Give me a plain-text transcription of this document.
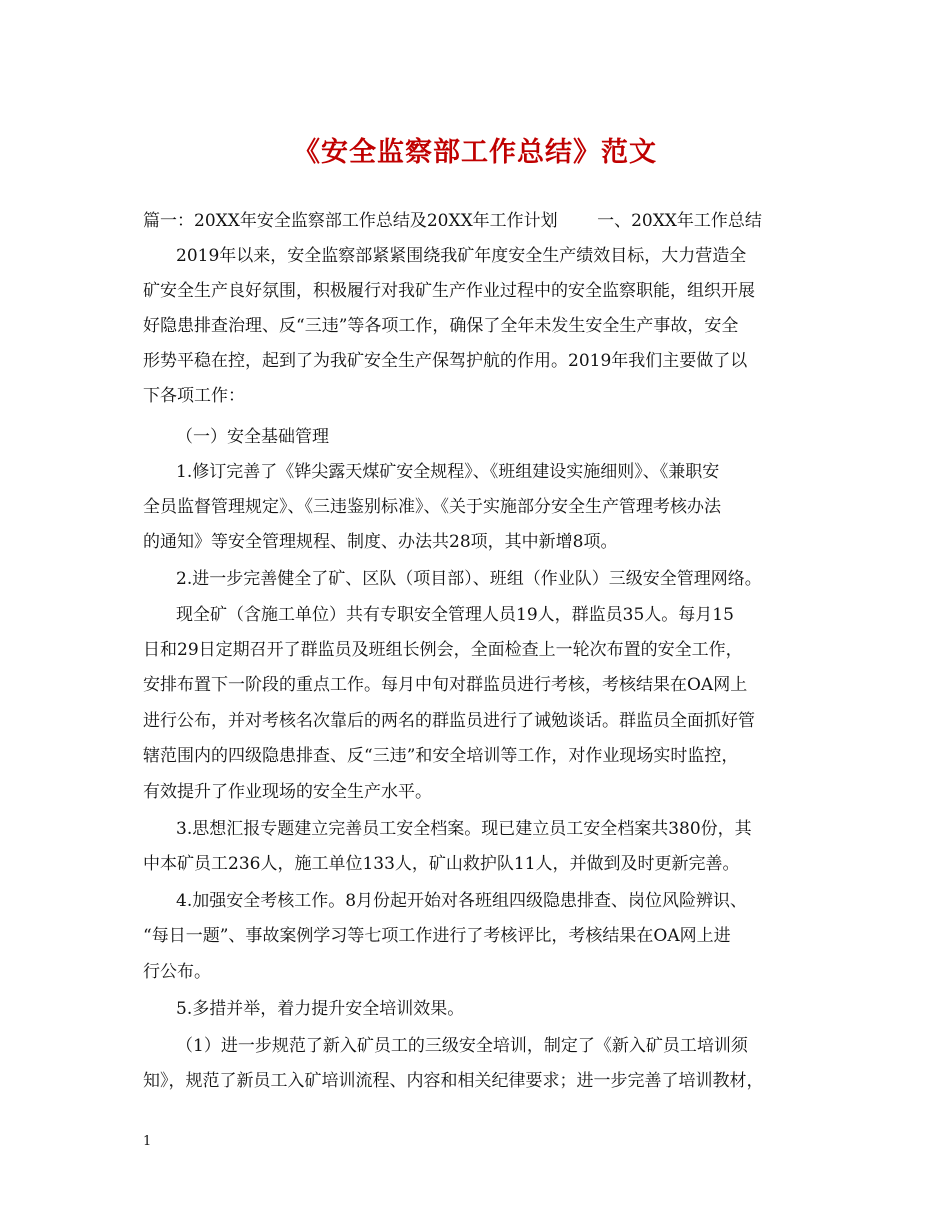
《安全监察部工作总结》范文
篇一：20XX年安全监察部工作总结及20XX年工作计划 　　一、20XX年工作总结
2019年以来，安全监察部紧紧围绕我矿年度安全生产绩效目标，大力营造全
矿安全生产良好氛围，积极履行对我矿生产作业过程中的安全监察职能，组织开展
好隐患排查治理、反“三违”等各项工作，确保了全年未发生安全生产事故，安全
形势平稳在控，起到了为我矿安全生产保驾护航的作用。2019年我们主要做了以
下各项工作：
（一）安全基础管理
1.修订完善了《铧尖露天煤矿安全规程》、《班组建设实施细则》、《兼职安
全员监督管理规定》、《三违鉴别标准》、《关于实施部分安全生产管理考核办法
的通知》等安全管理规程、制度、办法共28项，其中新增8项。
2.进一步完善健全了矿、区队（项目部）、班组（作业队）三级安全管理网络。
现全矿（含施工单位）共有专职安全管理人员19人，群监员35人。每月15
日和29日定期召开了群监员及班组长例会，全面检查上一轮次布置的安全工作，
安排布置下一阶段的重点工作。每月中旬对群监员进行考核，考核结果在OA网上
进行公布，并对考核名次靠后的两名的群监员进行了诫勉谈话。群监员全面抓好管
辖范围内的四级隐患排查、反“三违”和安全培训等工作，对作业现场实时监控，
有效提升了作业现场的安全生产水平。
3.思想汇报专题建立完善员工安全档案。现已建立员工安全档案共380份，其
中本矿员工236人，施工单位133人，矿山救护队11人，并做到及时更新完善。
4.加强安全考核工作。8月份起开始对各班组四级隐患排查、岗位风险辨识、
“每日一题”、事故案例学习等七项工作进行了考核评比，考核结果在OA网上进
行公布。
5.多措并举，着力提升安全培训效果。
（1）进一步规范了新入矿员工的三级安全培训，制定了《新入矿员工培训须
知》，规范了新员工入矿培训流程、内容和相关纪律要求；进一步完善了培训教材，
1
